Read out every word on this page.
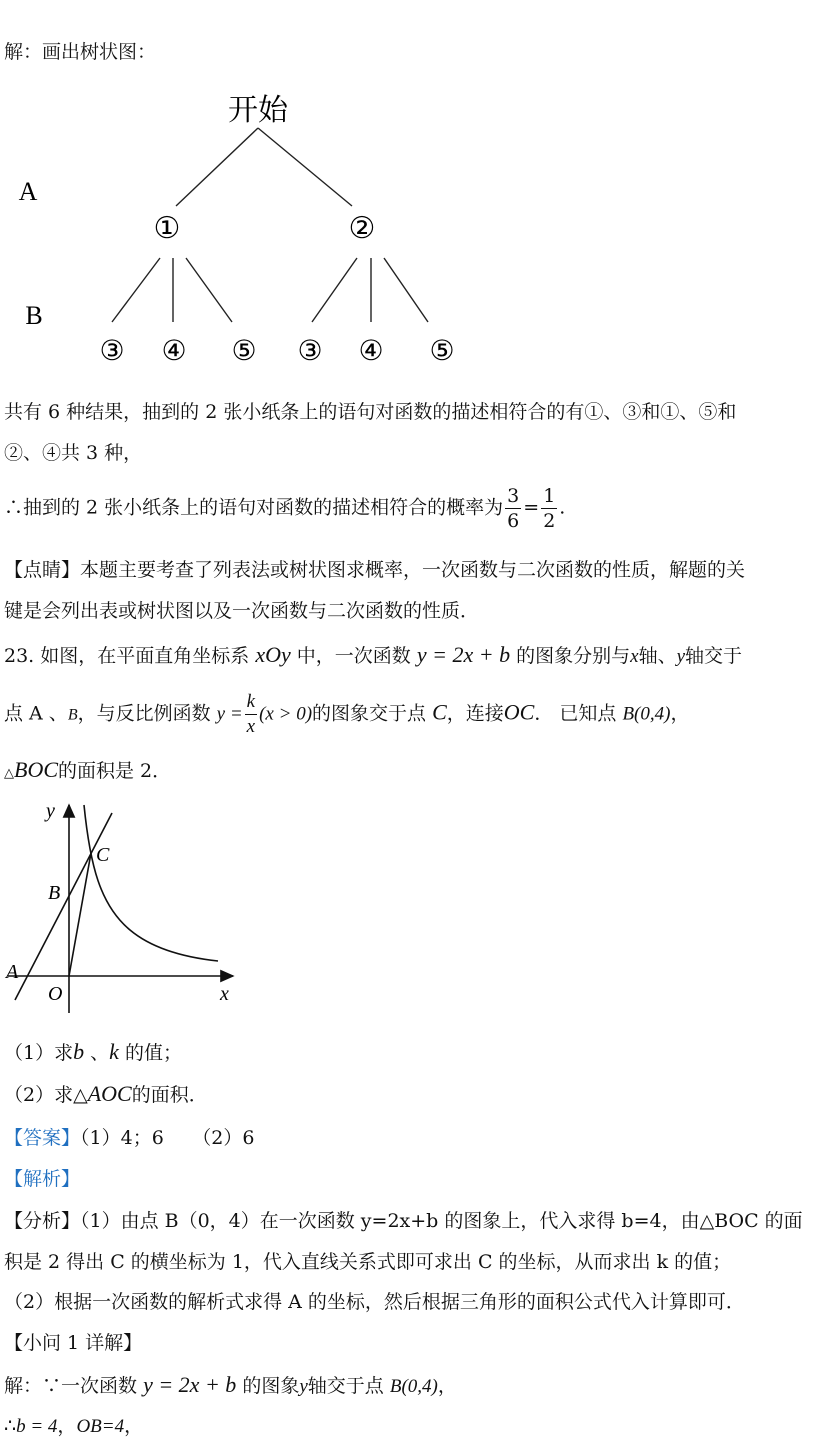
解：画出树状图：
开始
A
B
①	②
③ ④ ⑤ ③ ④ ⑤
共有 6 种结果，抽到的 2 张小纸条上的语句对函数的描述相符合的有①、③和①、⑤和
②、④共 3 种，
∴抽到的 2 张小纸条上的语句对函数的描述相符合的概率为 $\frac{3}{6} = \frac{1}{2}$ .
【点睛】本题主要考查了列表法或树状图求概率，一次函数与二次函数的性质，解题的关
键是会列出表或树状图以及一次函数与二次函数的性质．
23. 如图，在平面直角坐标系 xOy 中，一次函数 y = 2x + b 的图象分别与x轴、y轴交于
点 A 、B，与反比例函数 $y = \frac{k}{x} (x > 0)$的图象交于点 C，连接OC． 已知点 B(0,4)，
△BOC的面积是 2．
y
x
O
A
B
C
（1）求b 、k 的值；
（2）求△AOC的面积．
【答案】（1）4；6　　（2）6
【解析】
【分析】（1）由点 B（0，4）在一次函数 y=2x+b 的图象上，代入求得 b=4，由△BOC 的面
积是 2 得出 C 的横坐标为 1，代入直线关系式即可求出 C 的坐标，从而求出 k 的值；
（2）根据一次函数的解析式求得 A 的坐标，然后根据三角形的面积公式代入计算即可．
【小问 1 详解】
解：∵一次函数 y = 2x + b 的图象y轴交于点 B(0,4)，
∴b = 4，OB=4，
